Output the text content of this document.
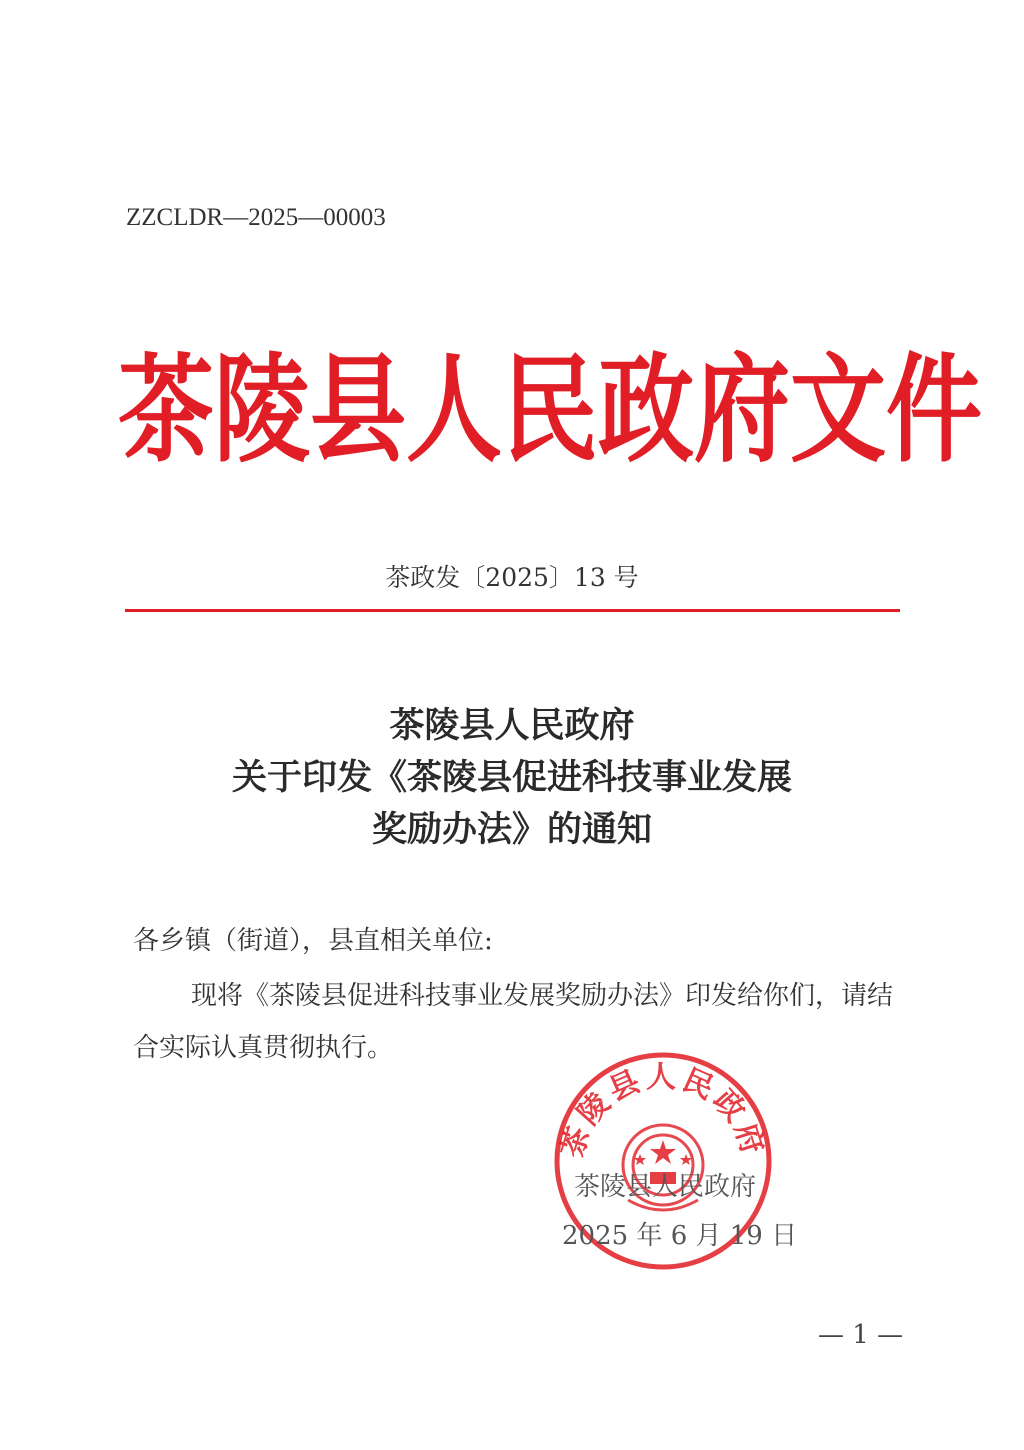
ZZCLDR—2025—00003
茶 陵 县 人 民 政 府 文 件
茶政发〔2025〕13 号
茶陵县人民政府
关于印发《茶陵县促进科技事业发展
奖励办法》的通知
各乡镇（街道），县直相关单位:
现将《茶陵县促进科技事业发展奖励办法》印发给你们，请结合实际认真贯彻执行。
茶陵县人民政府
茶陵县人民政府
2025 年 6 月 19 日
— 1 —
